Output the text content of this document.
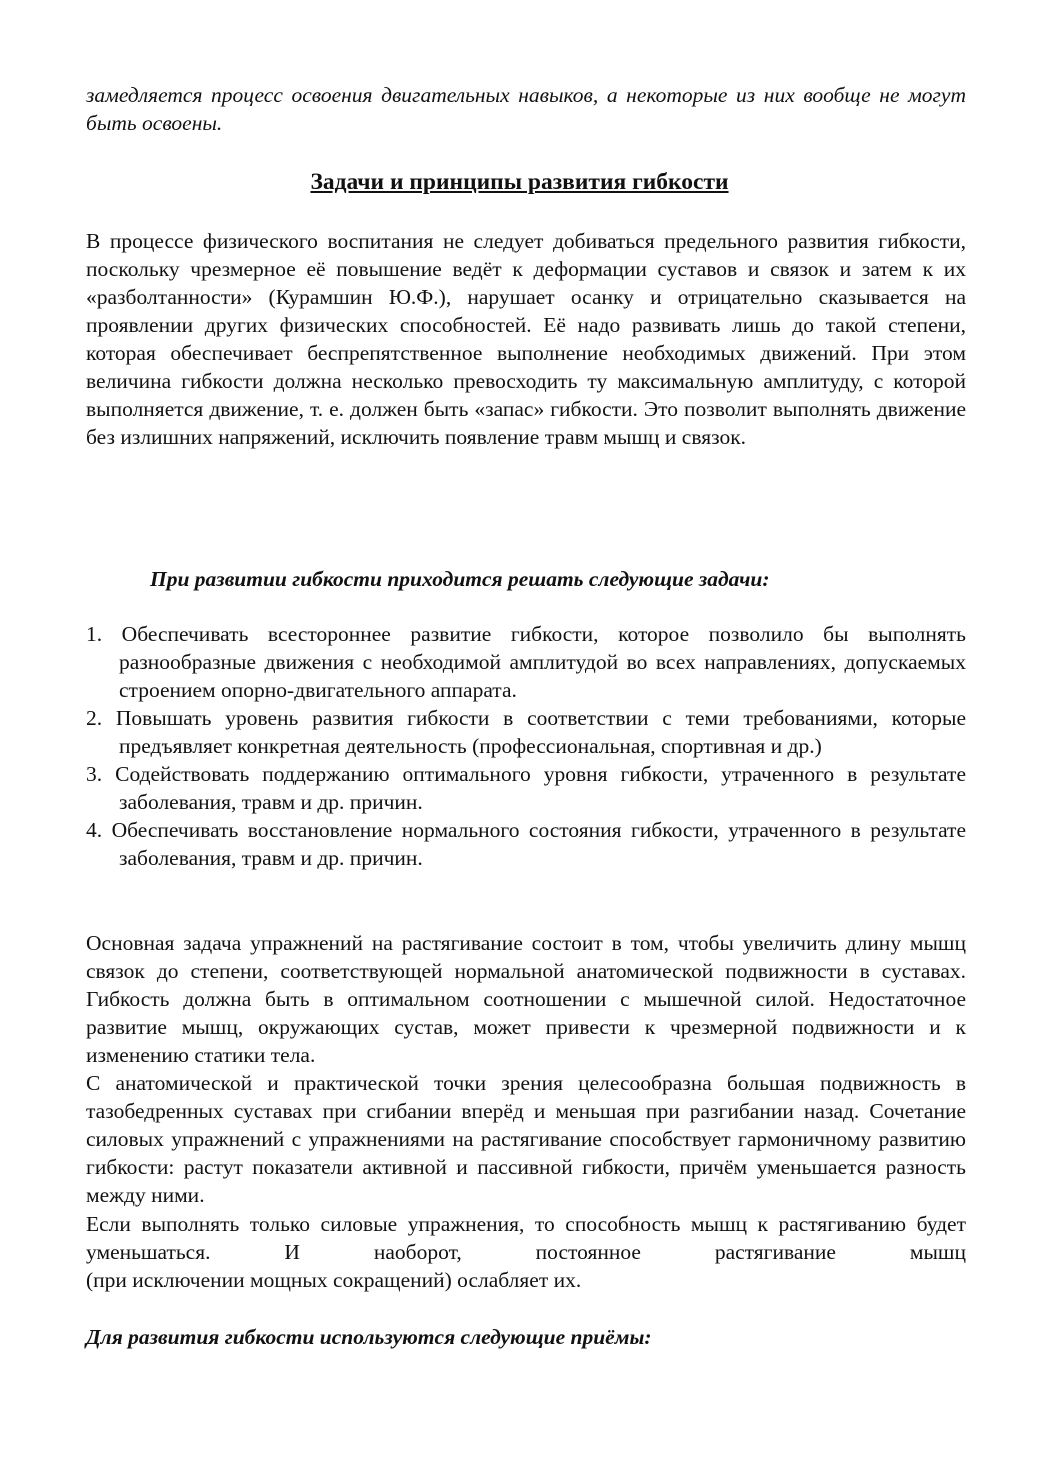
замедляется процесс освоения двигательных навыков, а некоторые из них вообще не могут быть освоены.
Задачи и принципы развития гибкости
В процессе физического воспитания не следует добиваться предельного развития гибкости, поскольку чрезмерное её повышение ведёт к деформации суставов и связок и затем к их «разболтанности» (Курамшин Ю.Ф.), нарушает осанку и отрицательно сказывается на проявлении других физических способностей. Её надо развивать лишь до такой степени, которая обеспечивает беспрепятственное выполнение необходимых движений. При этом величина гибкости должна несколько превосходить ту максимальную амплитуду, с которой выполняется движение, т. е. должен быть «запас» гибкости. Это позволит выполнять движение без излишних напряжений, исключить появление травм мышц и связок.
При развитии гибкости приходится решать следующие задачи:
1. Обеспечивать всестороннее развитие гибкости, которое позволило бы выполнять разнообразные движения с необходимой амплитудой во всех направлениях, допускаемых строением опорно-двигательного аппарата.
2. Повышать уровень развития гибкости в соответствии с теми требованиями, которые предъявляет конкретная деятельность (профессиональная, спортивная и др.)
3. Содействовать поддержанию оптимального уровня гибкости, утраченного в результате заболевания, травм и др. причин.
4. Обеспечивать восстановление нормального состояния гибкости, утраченного в результате заболевания, травм и др. причин.
Основная задача упражнений на растягивание состоит в том, чтобы увеличить длину мышц связок до степени, соответствующей нормальной анатомической подвижности в суставах. Гибкость должна быть в оптимальном соотношении с мышечной силой. Недостаточное развитие мышц, окружающих сустав, может привести к чрезмерной подвижности и к изменению статики тела.
С анатомической и практической точки зрения целесообразна большая подвижность в тазобедренных суставах при сгибании вперёд и меньшая при разгибании назад. Сочетание силовых упражнений с упражнениями на растягивание способствует гармоничному развитию гибкости: растут показатели активной и пассивной гибкости, причём уменьшается разность между ними.
Если выполнять только силовые упражнения, то способность мышц к растягиванию будет уменьшаться. И наоборот, постоянное растягивание мышц
(при исключении мощных сокращений) ослабляет их.
Для развития гибкости используются следующие приёмы:
